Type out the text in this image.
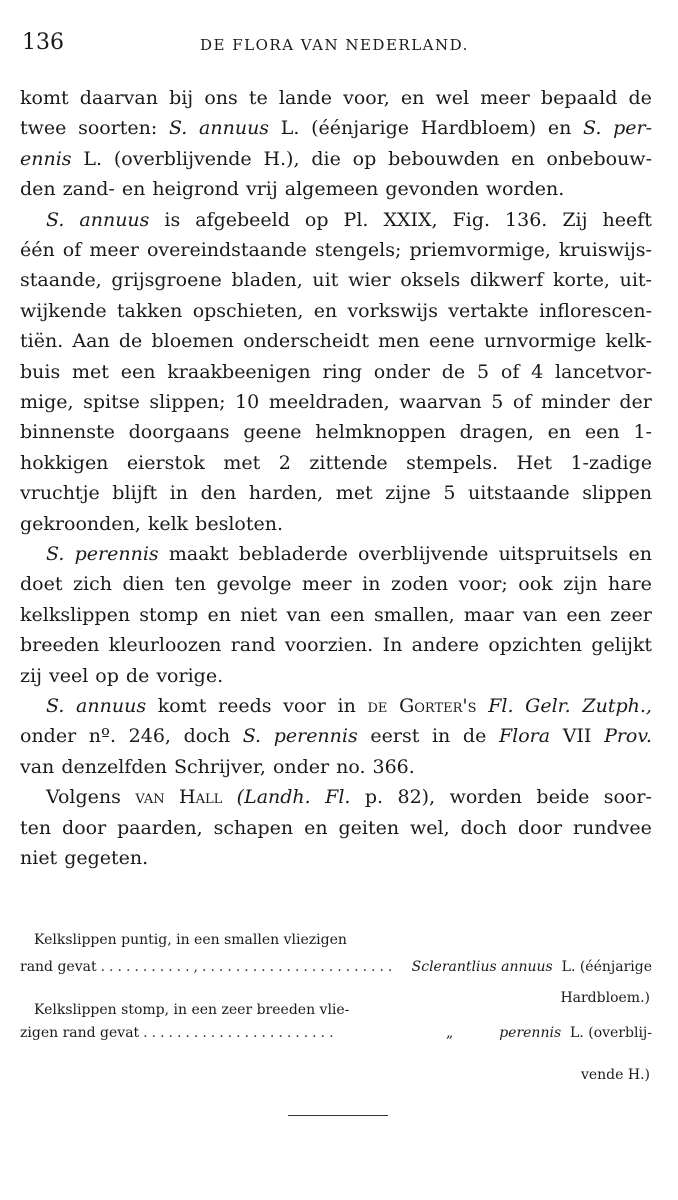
136	DE FLORA VAN NEDERLAND.
komt daarvan bij ons te lande voor, en wel meer bepaald de
twee soorten: S. annuus L. (éénjarige Hardbloem) en S. per-
ennis L. (overblijvende H.), die op bebouwden en onbebouw-
den zand- en heigrond vrij algemeen gevonden worden.
S. annuus is afgebeeld op Pl. XXIX, Fig. 136. Zij heeft
één of meer overeindstaande stengels; priemvormige, kruiswijs-
staande, grijsgroene bladen, uit wier oksels dikwerf korte, uit-
wijkende takken opschieten, en vorkswijs vertakte inflorescen-
tiën. Aan de bloemen onderscheidt men eene urnvormige kelk-
buis met een kraakbeenigen ring onder de 5 of 4 lancetvor-
mige, spitse slippen; 10 meeldraden, waarvan 5 of minder der
binnenste doorgaans geene helmknoppen dragen, en een 1-
hokkigen eierstok met 2 zittende stempels. Het 1-zadige
vruchtje blijft in den harden, met zijne 5 uitstaande slippen
gekroonden, kelk besloten.
S. perennis maakt bebladerde overblijvende uitspruitsels en
doet zich dien ten gevolge meer in zoden voor; ook zijn hare
kelkslippen stomp en niet van een smallen, maar van een zeer
breeden kleurloozen rand voorzien. In andere opzichten gelijkt
zij veel op de vorige.
S. annuus komt reeds voor in de Gorter's Fl. Gelr. Zutph.,
onder nº. 246, doch S. perennis eerst in de Flora VII Prov.
van denzelfden Schrijver, onder no. 366.
Volgens van Hall (Landh. Fl. p. 82), worden beide soor-
ten door paarden, schapen en geiten wel, doch door rundvee
niet gegeten.
Kelkslippen puntig, in een smallen vliezigen
rand gevat ...........,.......................	Sclerantlius annuus
L. (éénjarige
Hardbloem.)
Kelkslippen stomp, in een zeer breeden vlie-
zigen rand gevat .......................	„	perennis
L. (overblij-
vende H.)
